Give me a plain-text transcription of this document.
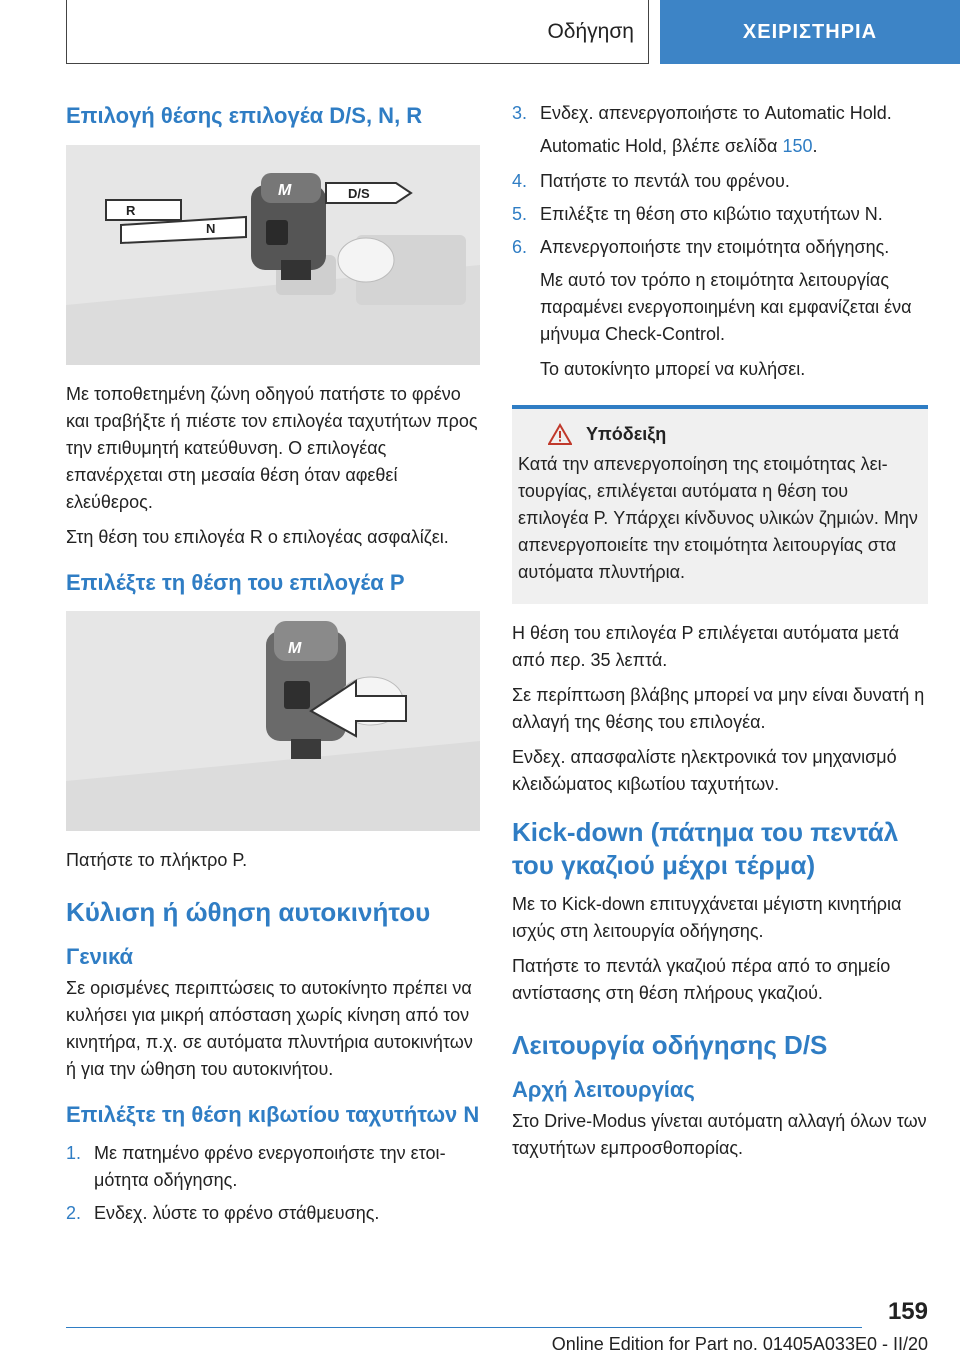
Οδήγηση	ΧΕΙΡΙΣΤΗΡΙΑ
Επιλογή θέσης επιλογέα D/S, N, R
R
N
D/S
M

Με τοποθετημένη ζώνη οδηγού πατήστε το φρένο και τραβήξτε ή πιέστε τον επιλογέα ταχυτήτων προς την επιθυμητή κατεύθυνση. Ο επιλογέας επανέρχεται στη μεσαία θέση όταν αφεθεί ελεύθερος.

Στη θέση του επιλογέα R ο επιλογέας ασφαλίζει.

Επιλέξτε τη θέση του επιλογέα P
M

Πατήστε το πλήκτρο P.

Κύλιση ή ώθηση αυτοκινήτου
Γενικά

Σε ορισμένες περιπτώσεις το αυτοκίνητο πρέπει να κυλήσει για μικρή απόσταση χωρίς κίνηση από τον κινητήρα, π.χ. σε αυτόματα πλυντήρια αυτοκινήτων ή για την ώθηση του αυτοκινήτου.

Επιλέξτε τη θέση κιβωτίου ταχυτήτων N
1. Με πατημένο φρένο ενεργοποιήστε την ετοιμότητα οδήγησης.
2. Ενδεχ. λύστε το φρένο στάθμευσης.
3. Ενδεχ. απενεργοποιήστε το Automatic Hold.
Automatic Hold, βλέπε σελίδα 150.
4. Πατήστε το πεντάλ του φρένου.
5. Επιλέξτε τη θέση στο κιβώτιο ταχυτήτων N.
6. Απενεργοποιήστε την ετοιμότητα οδήγησης.
Με αυτό τον τρόπο η ετοιμότητα λειτουργίας παραμένει ενεργοποιημένη και εμφανίζεται ένα μήνυμα Check-Control.
Το αυτοκίνητο μπορεί να κυλήσει.
Υπόδειξη
Κατά την απενεργοποίηση της ετοιμότητας λειτουργίας, επιλέγεται αυτόματα η θέση του επιλογέα P. Υπάρχει κίνδυνος υλικών ζημιών. Μην απενεργοποιείτε την ετοιμότητα λειτουργίας στα αυτόματα πλυντήρια.

Η θέση του επιλογέα P επιλέγεται αυτόματα μετά από περ. 35 λεπτά.

Σε περίπτωση βλάβης μπορεί να μην είναι δυνατή η αλλαγή της θέσης του επιλογέα.

Ενδεχ. απασφαλίστε ηλεκτρονικά τον μηχανισμό κλειδώματος κιβωτίου ταχυτήτων.

Kick-down (πάτημα του πεντάλ του γκαζιού μέχρι τέρμα)

Με το Kick-down επιτυγχάνεται μέγιστη κινητήρια ισχύς στη λειτουργία οδήγησης.

Πατήστε το πεντάλ γκαζιού πέρα από το σημείο αντίστασης στη θέση πλήρους γκαζιού.

Λειτουργία οδήγησης D/S
Αρχή λειτουργίας

Στο Drive-Modus γίνεται αυτόματη αλλαγή όλων των ταχυτήτων εμπροσθοπορίας.

159
Online Edition for Part no. 01405A033E0 - II/20
